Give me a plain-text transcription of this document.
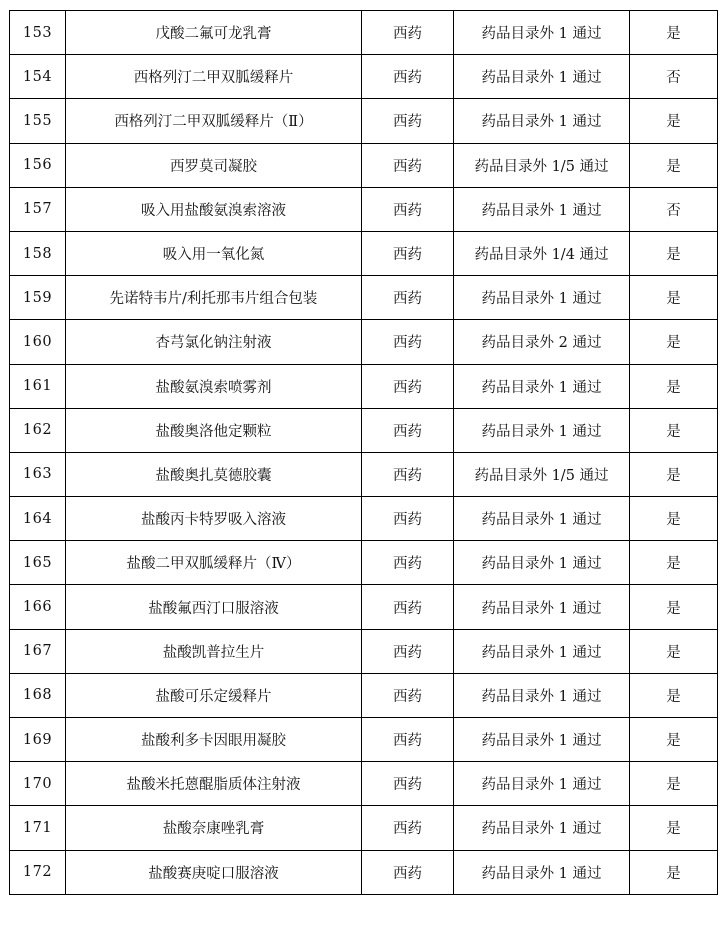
153	戊酸二氟可龙乳膏	西药	药品目录外 1 通过	是
154	西格列汀二甲双胍缓释片	西药	药品目录外 1 通过	否
155	西格列汀二甲双胍缓释片（Ⅱ）	西药	药品目录外 1 通过	是
156	西罗莫司凝胶	西药	药品目录外 1/5 通过	是
157	吸入用盐酸氨溴索溶液	西药	药品目录外 1 通过	否
158	吸入用一氧化氮	西药	药品目录外 1/4 通过	是
159	先诺特韦片/利托那韦片组合包装	西药	药品目录外 1 通过	是
160	杏芎氯化钠注射液	西药	药品目录外 2 通过	是
161	盐酸氨溴索喷雾剂	西药	药品目录外 1 通过	是
162	盐酸奥洛他定颗粒	西药	药品目录外 1 通过	是
163	盐酸奥扎莫德胶囊	西药	药品目录外 1/5 通过	是
164	盐酸丙卡特罗吸入溶液	西药	药品目录外 1 通过	是
165	盐酸二甲双胍缓释片（Ⅳ）	西药	药品目录外 1 通过	是
166	盐酸氟西汀口服溶液	西药	药品目录外 1 通过	是
167	盐酸凯普拉生片	西药	药品目录外 1 通过	是
168	盐酸可乐定缓释片	西药	药品目录外 1 通过	是
169	盐酸利多卡因眼用凝胶	西药	药品目录外 1 通过	是
170	盐酸米托蒽醌脂质体注射液	西药	药品目录外 1 通过	是
171	盐酸奈康唑乳膏	西药	药品目录外 1 通过	是
172	盐酸赛庚啶口服溶液	西药	药品目录外 1 通过	是
